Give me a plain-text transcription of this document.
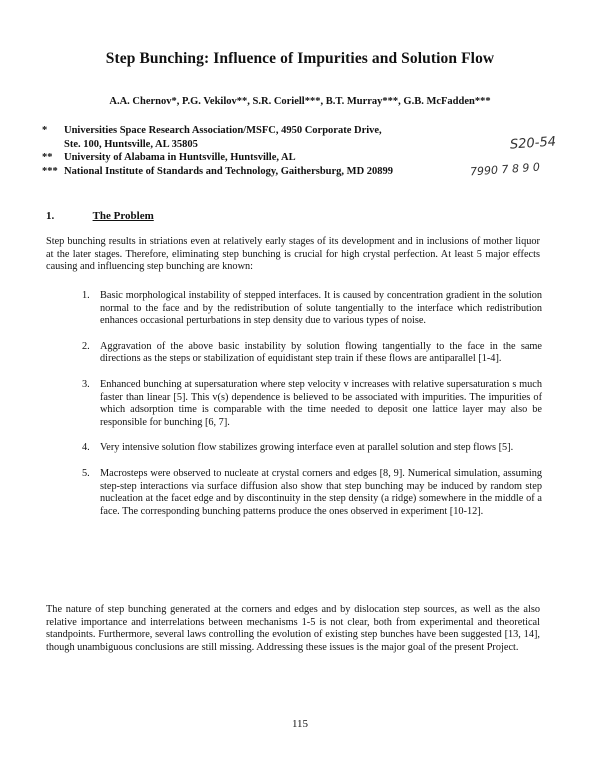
Step Bunching: Influence of Impurities and Solution Flow
A.A. Chernov*, P.G. Vekilov**, S.R. Coriell***, B.T. Murray***, G.B. McFadden***
*	Universities Space Research Association/MSFC, 4950 Corporate Drive,
Ste. 100, Huntsville, AL 35805
**	University of Alabama in Huntsville, Huntsville, AL
*** National Institute of Standards and Technology, Gaithersburg, MD 20899
S20-54
7990 7 8 9 0
1.	The Problem
Step bunching results in striations even at relatively early stages of its development and in inclusions of mother liquor at the later stages. Therefore, eliminating step bunching is crucial for high crystal perfection. At least 5 major effects causing and influencing step bunching are known:
1. Basic morphological instability of stepped interfaces. It is caused by concentration gradient in the solution normal to the face and by the redistribution of solute tangentially to the interface which redistribution enhances occasional perturbations in step density due to various types of noise.
2. Aggravation of the above basic instability by solution flowing tangentially to the face in the same directions as the steps or stabilization of equidistant step train if these flows are antiparallel [1-4].
3. Enhanced bunching at supersaturation where step velocity v increases with relative supersaturation s much faster than linear [5]. This v(s) dependence is believed to be associated with impurities. The impurities of which adsorption time is comparable with the time needed to deposit one lattice layer may also be responsible for bunching [6, 7].
4. Very intensive solution flow stabilizes growing interface even at parallel solution and step flows [5].
5. Macrosteps were observed to nucleate at crystal corners and edges [8, 9]. Numerical simulation, assuming step-step interactions via surface diffusion also show that step bunching may be induced by random step nucleation at the facet edge and by discontinuity in the step density (a ridge) somewhere in the middle of a face. The corresponding bunching patterns produce the ones observed in experiment [10-12].
The nature of step bunching generated at the corners and edges and by dislocation step sources, as well as the also relative importance and interrelations between mechanisms 1-5 is not clear, both from experimental and theoretical standpoints. Furthermore, several laws controlling the evolution of existing step bunches have been suggested [13, 14], though unambiguous conclusions are still missing. Addressing these issues is the major goal of the present Project.
115
